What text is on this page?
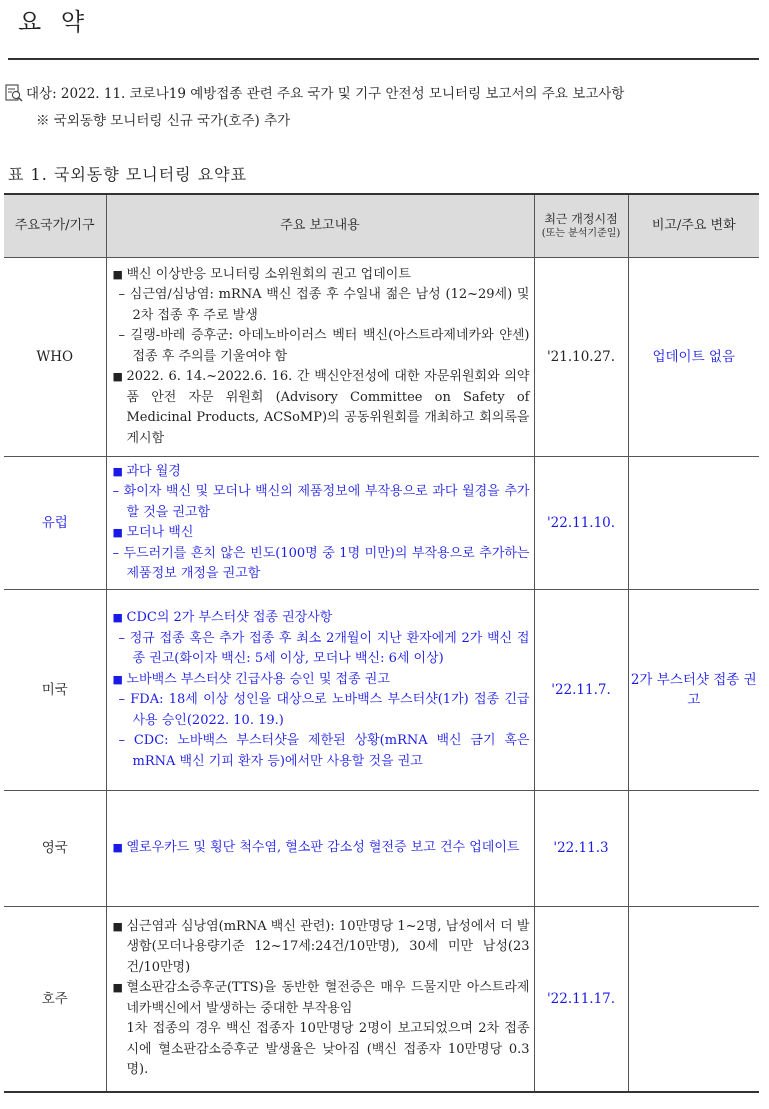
요 약
대상: 2022. 11. 코로나19 예방접종 관련 주요 국가 및 기구 안전성 모니터링 보고서의 주요 보고사항
※ 국외동향 모니터링 신규 국가(호주) 추가
표 1. 국외동향 모니터링 요약표
주요국가/기구	주요 보고내용	최근 개정시점
(또는 분석기준일)	비고/주요 변화
WHO	■ 백신 이상반응 모니터링 소위원회의 권고 업데이트
– 심근염/심낭염: mRNA 백신 접종 후 수일내 젊은 남성 (12~29세) 및 2차 접종 후 주로 발생
– 길랭-바레 증후군: 아데노바이러스 벡터 백신(아스트라제네카와 얀센) 접종 후 주의를 기울여야 함
■ 2022. 6. 14.~2022.6. 16. 간 백신안전성에 대한 자문위원회와 의약품 안전 자문 위원회 (Advisory Committee on Safety of Medicinal Products, ACSoMP)의 공동위원회를 개최하고 회의록을 게시함	'21.10.27.	업데이트 없음
유럽	■ 과다 월경
– 화이자 백신 및 모더나 백신의 제품정보에 부작용으로 과다 월경을 추가할 것을 권고함
■ 모더나 백신
– 두드러기를 흔치 않은 빈도(100명 중 1명 미만)의 부작용으로 추가하는 제품정보 개정을 권고함	'22.11.10.	
미국	■ CDC의 2가 부스터샷 접종 권장사항
– 정규 접종 혹은 추가 접종 후 최소 2개월이 지난 환자에게 2가 백신 접종 권고(화이자 백신: 5세 이상, 모더나 백신: 6세 이상)
■ 노바백스 부스터샷 긴급사용 승인 및 접종 권고
– FDA: 18세 이상 성인을 대상으로 노바백스 부스터샷(1가) 접종 긴급사용 승인(2022. 10. 19.)
– CDC: 노바백스 부스터샷을 제한된 상황(mRNA 백신 금기 혹은 mRNA 백신 기피 환자 등)에서만 사용할 것을 권고	'22.11.7.	2가 부스터샷 접종 권고
영국	■ 옐로우카드 및 횡단 척수염, 혈소판 감소성 혈전증 보고 건수 업데이트	'22.11.3	
호주	■ 심근염과 심낭염(mRNA 백신 관련): 10만명당 1~2명, 남성에서 더 발생함(모더나용량기준 12~17세:24건/10만명), 30세 미만 남성(23건/10만명)
■ 혈소판감소증후군(TTS)을 동반한 혈전증은 매우 드물지만 아스트라제네카백신에서 발생하는 중대한 부작용임
1차 접종의 경우 백신 접종자 10만명당 2명이 보고되었으며 2차 접종시에 혈소판감소증후군 발생율은 낮아짐 (백신 접종자 10만명당 0.3명).	'22.11.17.	
